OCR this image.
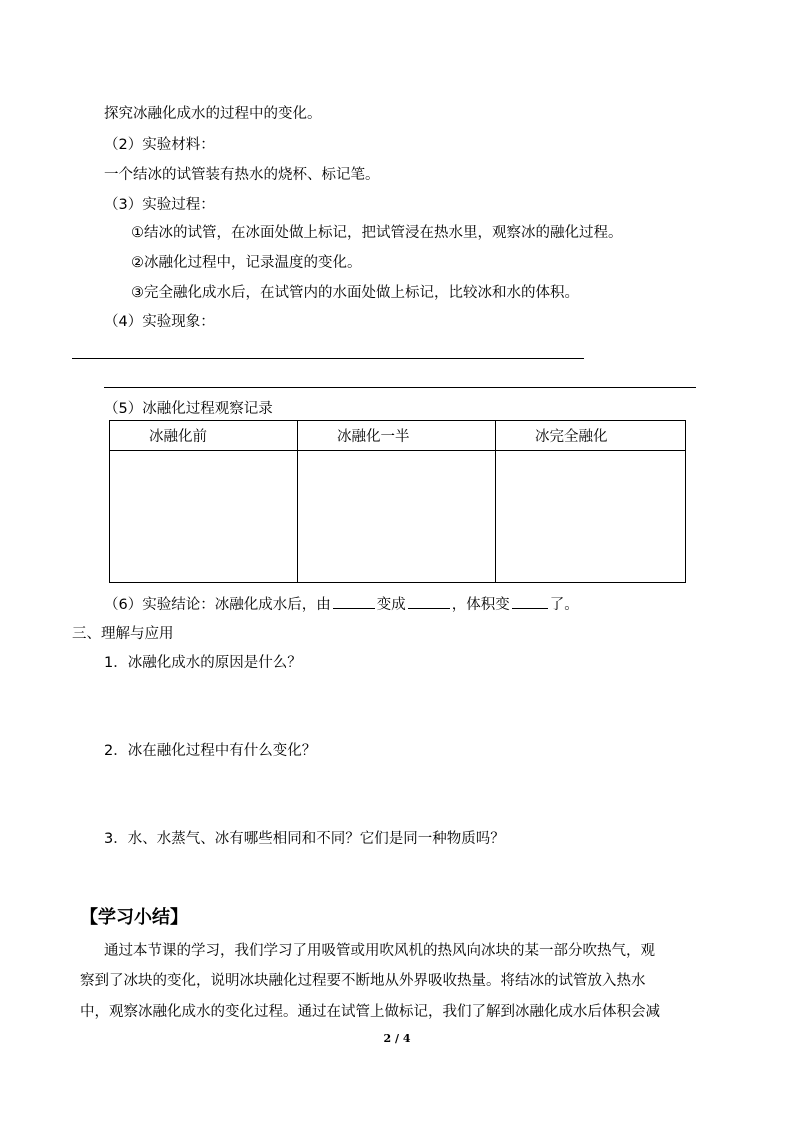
探究冰融化成水的过程中的变化。
（2）实验材料：
一个结冰的试管装有热水的烧杯、标记笔。
（3）实验过程：
①结冰的试管，在冰面处做上标记，把试管浸在热水里，观察冰的融化过程。
②冰融化过程中，记录温度的变化。
③完全融化成水后，在试管内的水面处做上标记，比较冰和水的体积。
（4）实验现象：
（5）冰融化过程观察记录
冰融化前	冰融化一半	冰完全融化

（6）实验结论：冰融化成水后，由	变成	，体积变	了。
三、理解与应用
1．冰融化成水的原因是什么？
2．冰在融化过程中有什么变化？
3．水、水蒸气、冰有哪些相同和不同？它们是同一种物质吗？
【学习小结】
通过本节课的学习，我们学习了用吸管或用吹风机的热风向冰块的某一部分吹热气，观
察到了冰块的变化，说明冰块融化过程要不断地从外界吸收热量。将结冰的试管放入热水
中，观察冰融化成水的变化过程。通过在试管上做标记，我们了解到冰融化成水后体积会减
2 / 4
